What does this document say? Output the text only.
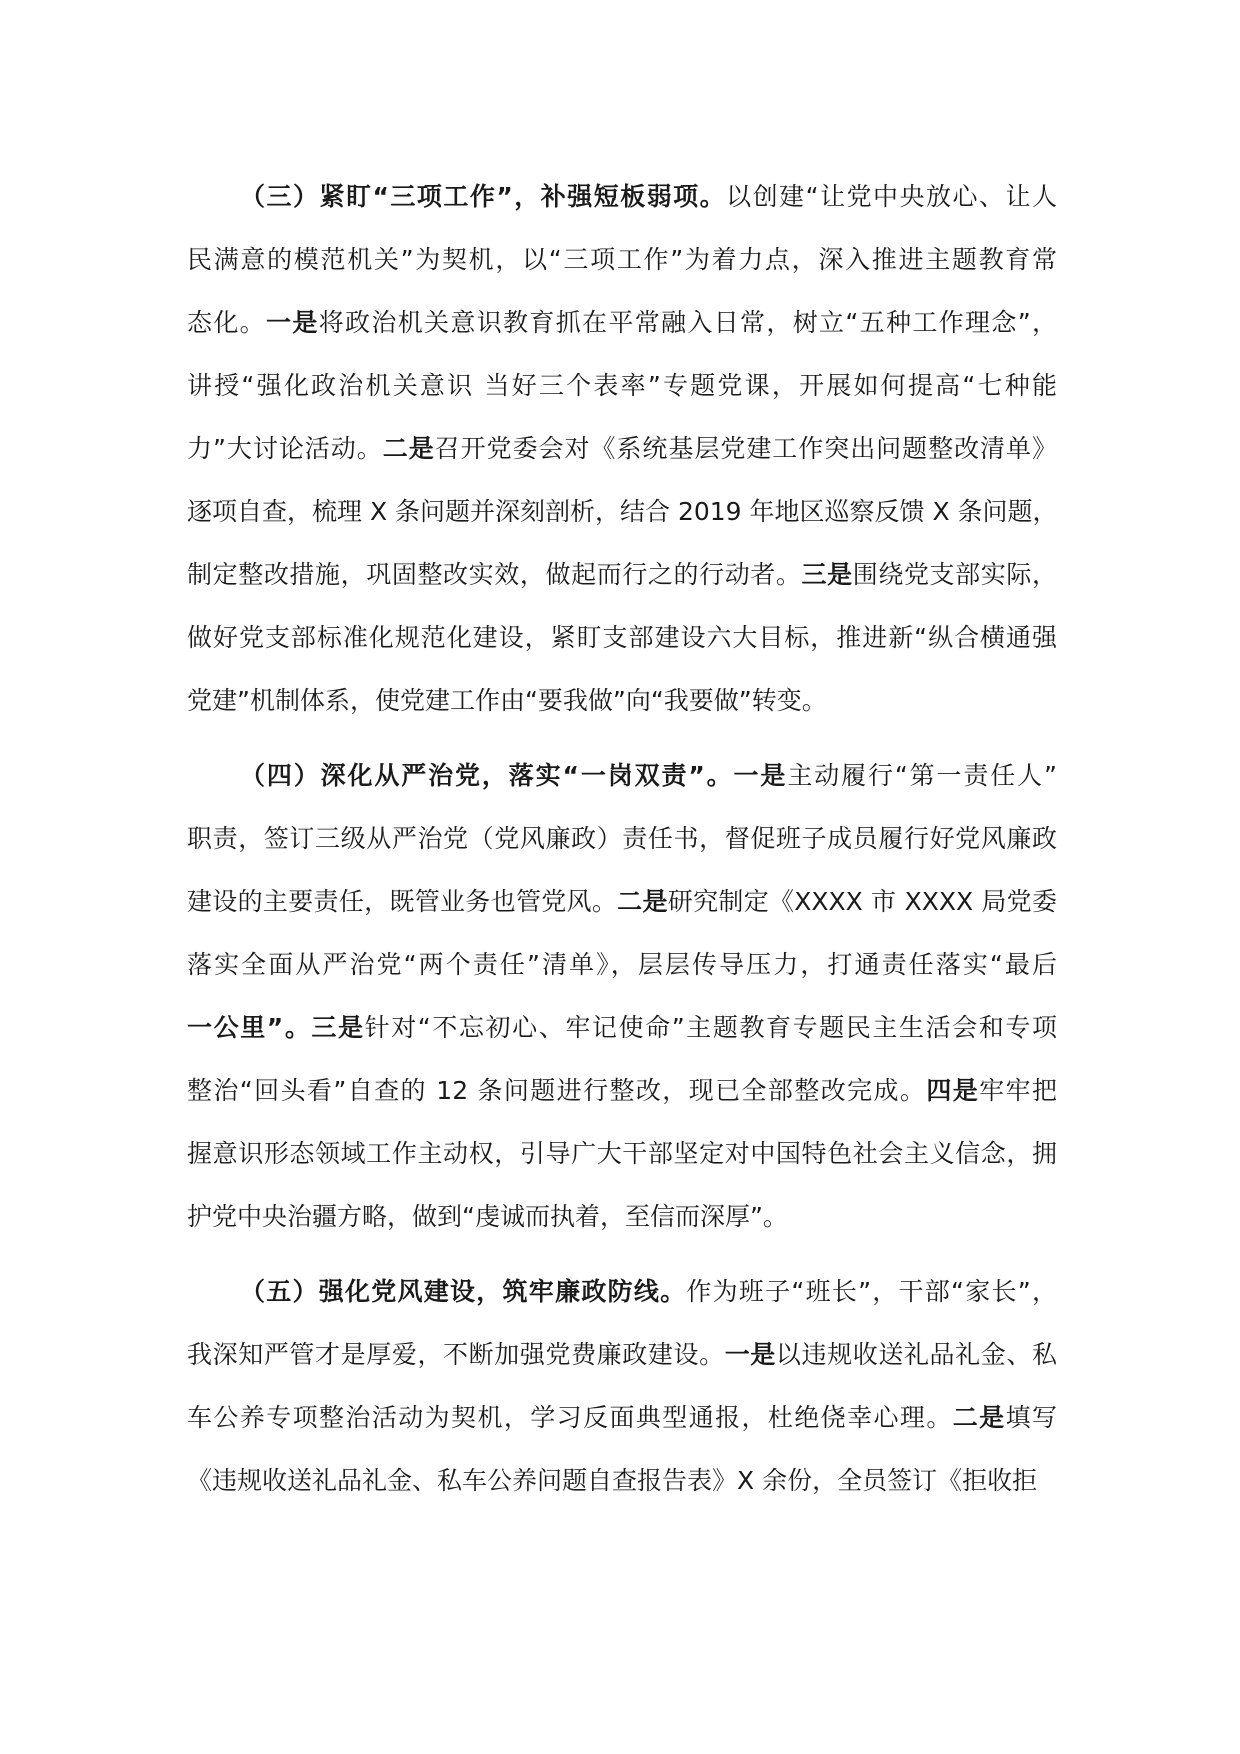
（三）紧盯“三项工作”，补强短板弱项。以创建“让党中央放心、让人
民满意的模范机关”为契机，以“三项工作”为着力点，深入推进主题教育常
态化。一是将政治机关意识教育抓在平常融入日常，树立“五种工作理念”，
讲授“强化政治机关意识 当好三个表率”专题党课，开展如何提高“七种能
力”大讨论活动。二是召开党委会对《系统基层党建工作突出问题整改清单》
逐项自查，梳理 X 条问题并深刻剖析，结合 2019 年地区巡察反馈 X 条问题，
制定整改措施，巩固整改实效，做起而行之的行动者。三是围绕党支部实际，
做好党支部标准化规范化建设，紧盯支部建设六大目标，推进新“纵合横通强
党建”机制体系，使党建工作由“要我做”向“我要做”转变。
（四）深化从严治党，落实“一岗双责”。一是主动履行“第一责任人”
职责，签订三级从严治党（党风廉政）责任书，督促班子成员履行好党风廉政
建设的主要责任，既管业务也管党风。二是研究制定《XXXX 市 XXXX 局党委
落实全面从严治党“两个责任”清单》，层层传导压力，打通责任落实“最后
一公里”。三是针对“不忘初心、牢记使命”主题教育专题民主生活会和专项
整治“回头看”自查的 12 条问题进行整改，现已全部整改完成。四是牢牢把
握意识形态领域工作主动权，引导广大干部坚定对中国特色社会主义信念，拥
护党中央治疆方略，做到“虔诚而执着，至信而深厚”。
（五）强化党风建设，筑牢廉政防线。作为班子“班长”，干部“家长”，
我深知严管才是厚爱，不断加强党费廉政建设。一是以违规收送礼品礼金、私
车公养专项整治活动为契机，学习反面典型通报，杜绝侥幸心理。二是填写
《违规收送礼品礼金、私车公养问题自查报告表》X 余份，全员签订《拒收拒
